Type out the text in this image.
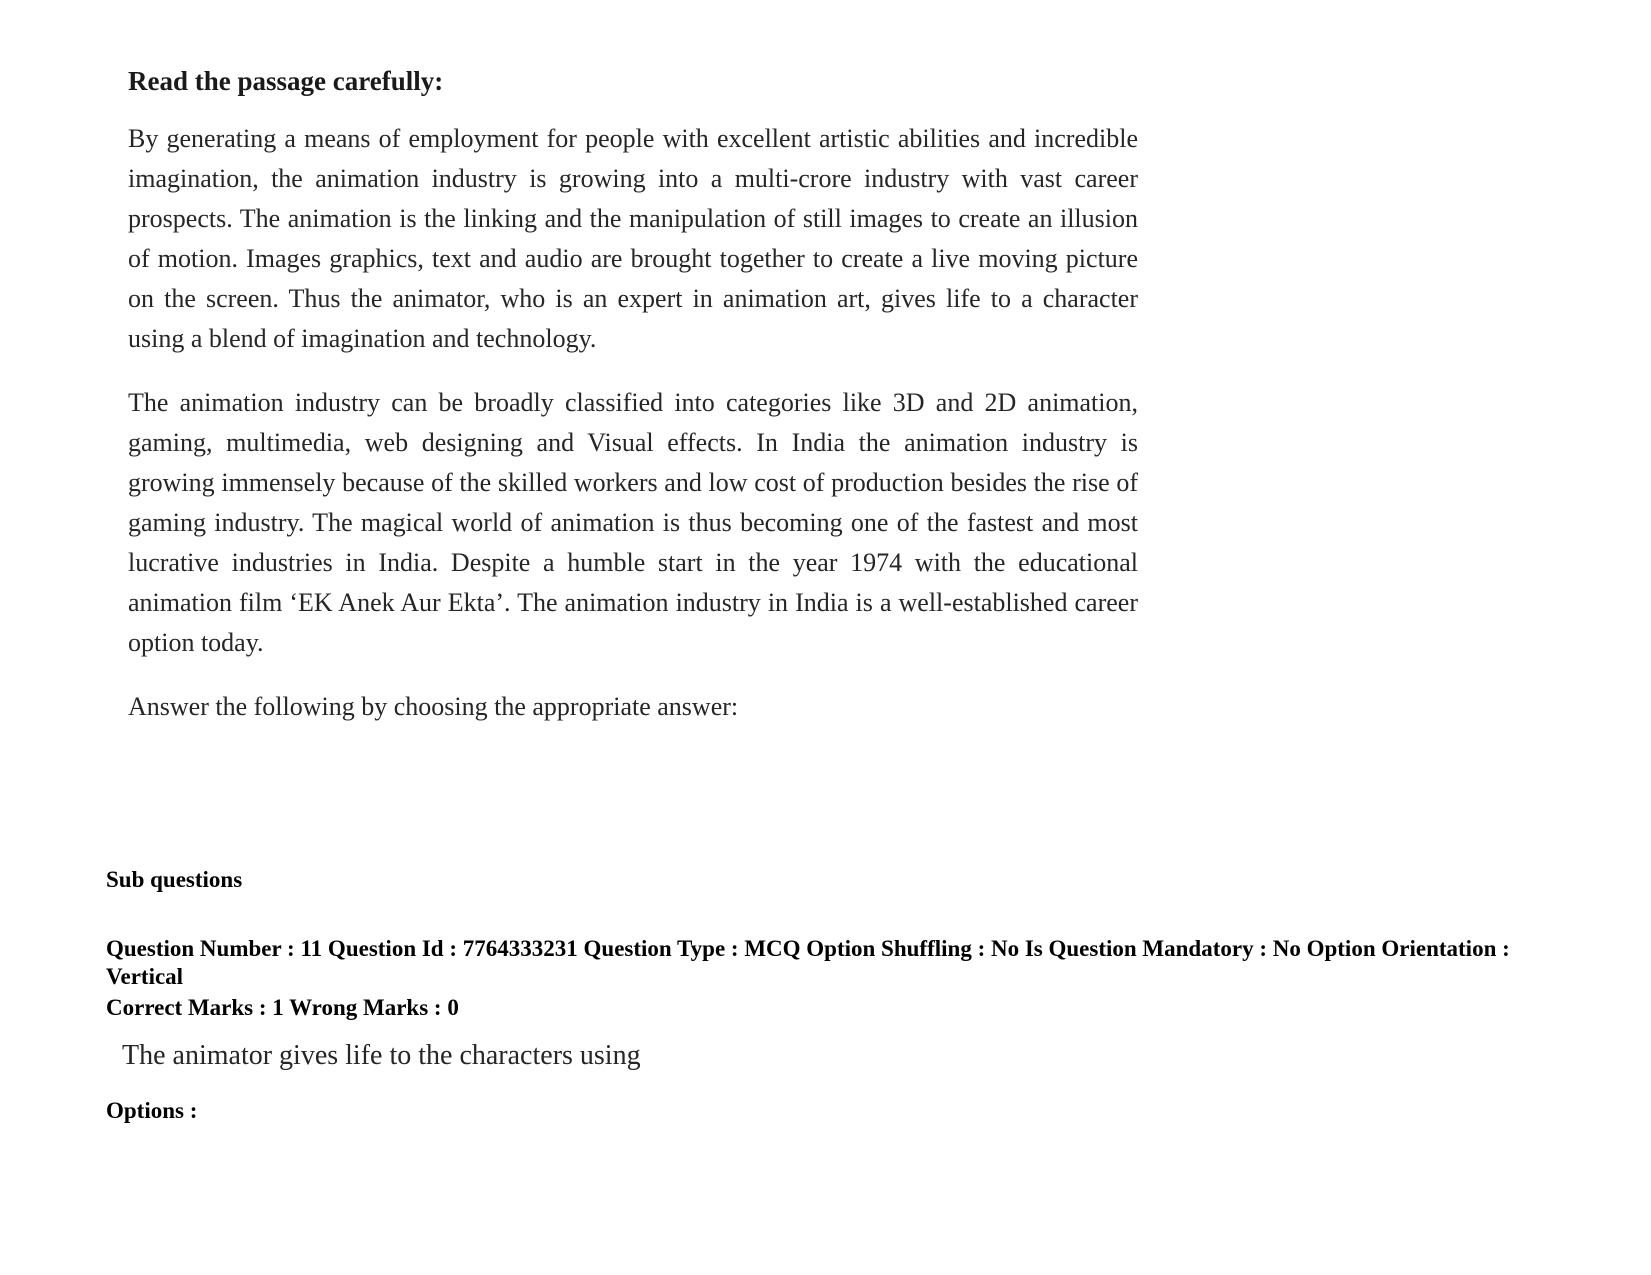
Read the passage carefully:

By generating a means of employment for people with excellent artistic abilities and incredible imagination, the animation industry is growing into a multi-crore industry with vast career prospects. The animation is the linking and the manipulation of still images to create an illusion of motion. Images graphics, text and audio are brought together to create a live moving picture on the screen. Thus the animator, who is an expert in animation art, gives life to a character using a blend of imagination and technology.

The animation industry can be broadly classified into categories like 3D and 2D animation, gaming, multimedia, web designing and Visual effects. In India the animation industry is growing immensely because of the skilled workers and low cost of production besides the rise of gaming industry. The magical world of animation is thus becoming one of the fastest and most lucrative industries in India. Despite a humble start in the year 1974 with the educational animation film ‘EK Anek Aur Ekta’. The animation industry in India is a well-established career option today.

Answer the following by choosing the appropriate answer:

Sub questions
Question Number : 11 Question Id : 7764333231 Question Type : MCQ Option Shuffling : No Is Question Mandatory : No Option Orientation : Vertical
Correct Marks : 1 Wrong Marks : 0
The animator gives life to the characters using
Options :
